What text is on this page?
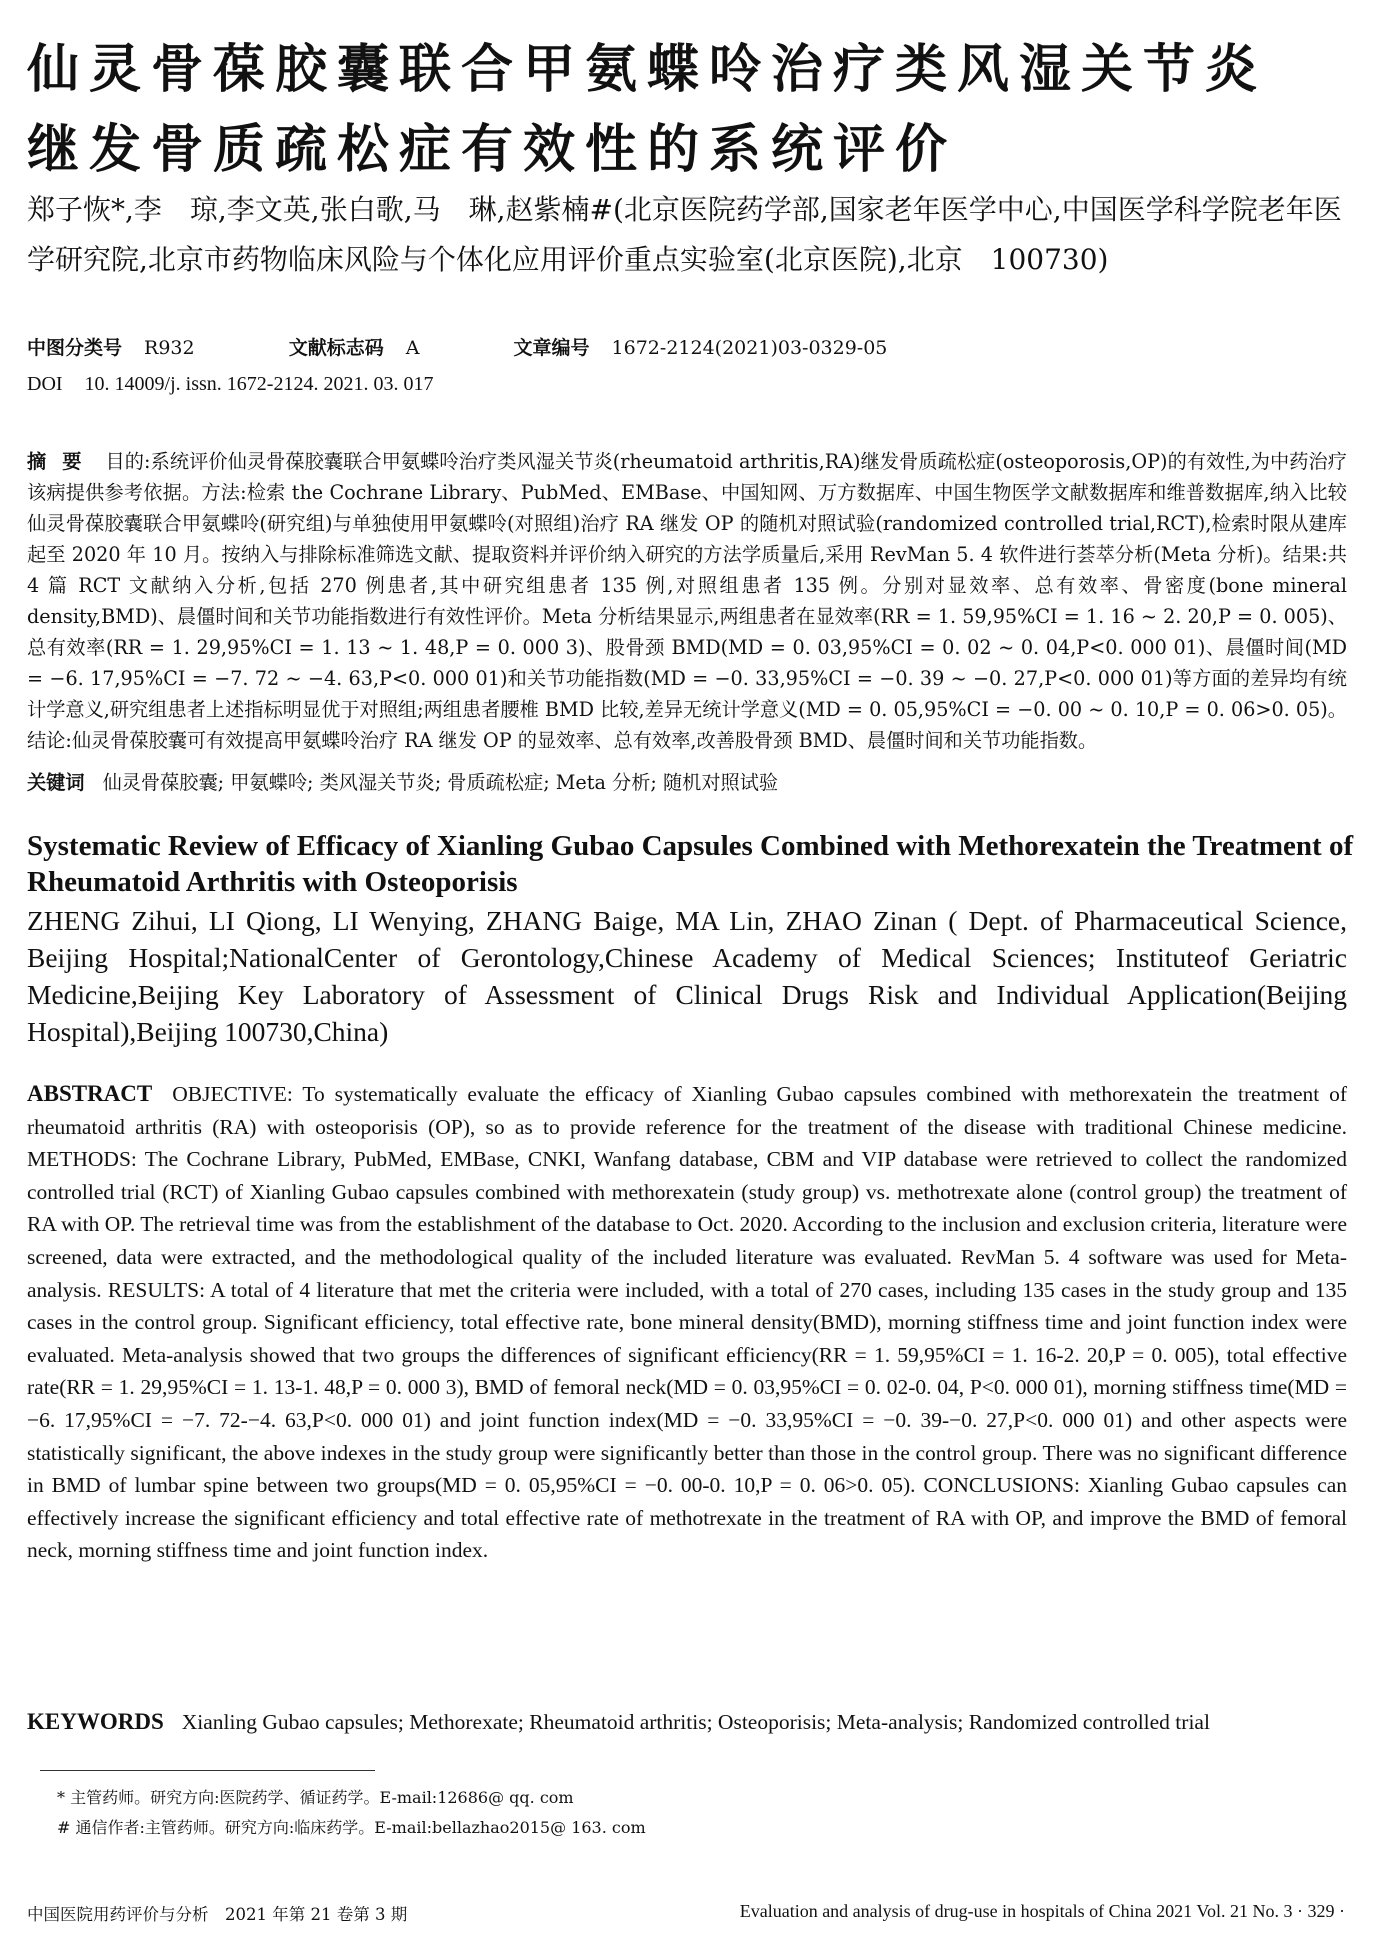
仙灵骨葆胶囊联合甲氨蝶呤治疗类风湿关节炎
继发骨质疏松症有效性的系统评价
郑子恢*,李　琼,李文英,张白歌,马　琳,赵紫楠#(北京医院药学部,国家老年医学中心,中国医学科学院老年医学研究院,北京市药物临床风险与个体化应用评价重点实验室(北京医院),北京　100730)
中图分类号 R932	文献标志码 A	文章编号 1672-2124(2021)03-0329-05
DOI 10. 14009/j. issn. 1672-2124. 2021. 03. 017
摘要 目的:系统评价仙灵骨葆胶囊联合甲氨蝶呤治疗类风湿关节炎(rheumatoid arthritis,RA)继发骨质疏松症(osteoporosis,OP)的有效性,为中药治疗该病提供参考依据。方法:检索 the Cochrane Library、PubMed、EMBase、中国知网、万方数据库、中国生物医学文献数据库和维普数据库,纳入比较仙灵骨葆胶囊联合甲氨蝶呤(研究组)与单独使用甲氨蝶呤(对照组)治疗 RA 继发 OP 的随机对照试验(randomized controlled trial,RCT),检索时限从建库起至 2020 年 10 月。按纳入与排除标准筛选文献、提取资料并评价纳入研究的方法学质量后,采用 RevMan 5. 4 软件进行荟萃分析(Meta 分析)。结果:共 4 篇 RCT 文献纳入分析,包括 270 例患者,其中研究组患者 135 例,对照组患者 135 例。分别对显效率、总有效率、骨密度(bone mineral density,BMD)、晨僵时间和关节功能指数进行有效性评价。Meta 分析结果显示,两组患者在显效率(RR = 1. 59,95%CI = 1. 16 ~ 2. 20,P = 0. 005)、总有效率(RR = 1. 29,95%CI = 1. 13 ~ 1. 48,P = 0. 000 3)、股骨颈 BMD(MD = 0. 03,95%CI = 0. 02 ~ 0. 04,P<0. 000 01)、晨僵时间(MD = −6. 17,95%CI = −7. 72 ~ −4. 63,P<0. 000 01)和关节功能指数(MD = −0. 33,95%CI = −0. 39 ~ −0. 27,P<0. 000 01)等方面的差异均有统计学意义,研究组患者上述指标明显优于对照组;两组患者腰椎 BMD 比较,差异无统计学意义(MD = 0. 05,95%CI = −0. 00 ~ 0. 10,P = 0. 06>0. 05)。结论:仙灵骨葆胶囊可有效提高甲氨蝶呤治疗 RA 继发 OP 的显效率、总有效率,改善股骨颈 BMD、晨僵时间和关节功能指数。
关键词 仙灵骨葆胶囊; 甲氨蝶呤; 类风湿关节炎; 骨质疏松症; Meta 分析; 随机对照试验
Systematic Review of Efficacy of Xianling Gubao Capsules Combined with Methorexatein the Treatment of Rheumatoid Arthritis with Osteoporisis
ZHENG Zihui, LI Qiong, LI Wenying, ZHANG Baige, MA Lin, ZHAO Zinan ( Dept. of Pharmaceutical Science, Beijing Hospital;NationalCenter of Gerontology,Chinese Academy of Medical Sciences; Instituteof Geriatric Medicine,Beijing Key Laboratory of Assessment of Clinical Drugs Risk and Individual Application(Beijing Hospital),Beijing 100730,China)
ABSTRACT OBJECTIVE: To systematically evaluate the efficacy of Xianling Gubao capsules combined with methorexatein the treatment of rheumatoid arthritis (RA) with osteoporisis (OP), so as to provide reference for the treatment of the disease with traditional Chinese medicine. METHODS: The Cochrane Library, PubMed, EMBase, CNKI, Wanfang database, CBM and VIP database were retrieved to collect the randomized controlled trial (RCT) of Xianling Gubao capsules combined with methorexatein (study group) vs. methotrexate alone (control group) the treatment of RA with OP. The retrieval time was from the establishment of the database to Oct. 2020. According to the inclusion and exclusion criteria, literature were screened, data were extracted, and the methodological quality of the included literature was evaluated. RevMan 5. 4 software was used for Meta-analysis. RESULTS: A total of 4 literature that met the criteria were included, with a total of 270 cases, including 135 cases in the study group and 135 cases in the control group. Significant efficiency, total effective rate, bone mineral density(BMD), morning stiffness time and joint function index were evaluated. Meta-analysis showed that two groups the differences of significant efficiency(RR = 1. 59,95%CI = 1. 16-2. 20,P = 0. 005), total effective rate(RR = 1. 29,95%CI = 1. 13-1. 48,P = 0. 000 3), BMD of femoral neck(MD = 0. 03,95%CI = 0. 02-0. 04, P<0. 000 01), morning stiffness time(MD = −6. 17,95%CI = −7. 72-−4. 63,P<0. 000 01) and joint function index(MD = −0. 33,95%CI = −0. 39-−0. 27,P<0. 000 01) and other aspects were statistically significant, the above indexes in the study group were significantly better than those in the control group. There was no significant difference in BMD of lumbar spine between two groups(MD = 0. 05,95%CI = −0. 00-0. 10,P = 0. 06>0. 05). CONCLUSIONS: Xianling Gubao capsules can effectively increase the significant efficiency and total effective rate of methotrexate in the treatment of RA with OP, and improve the BMD of femoral neck, morning stiffness time and joint function index.
KEYWORDS Xianling Gubao capsules; Methorexate; Rheumatoid arthritis; Osteoporisis; Meta-analysis; Randomized controlled trial
* 主管药师。研究方向:医院药学、循证药学。E-mail:12686@ qq. com
# 通信作者:主管药师。研究方向:临床药学。E-mail:bellazhao2015@ 163. com
中国医院用药评价与分析　2021 年第 21 卷第 3 期	Evaluation and analysis of drug-use in hospitals of China 2021 Vol. 21 No. 3 · 329 ·
